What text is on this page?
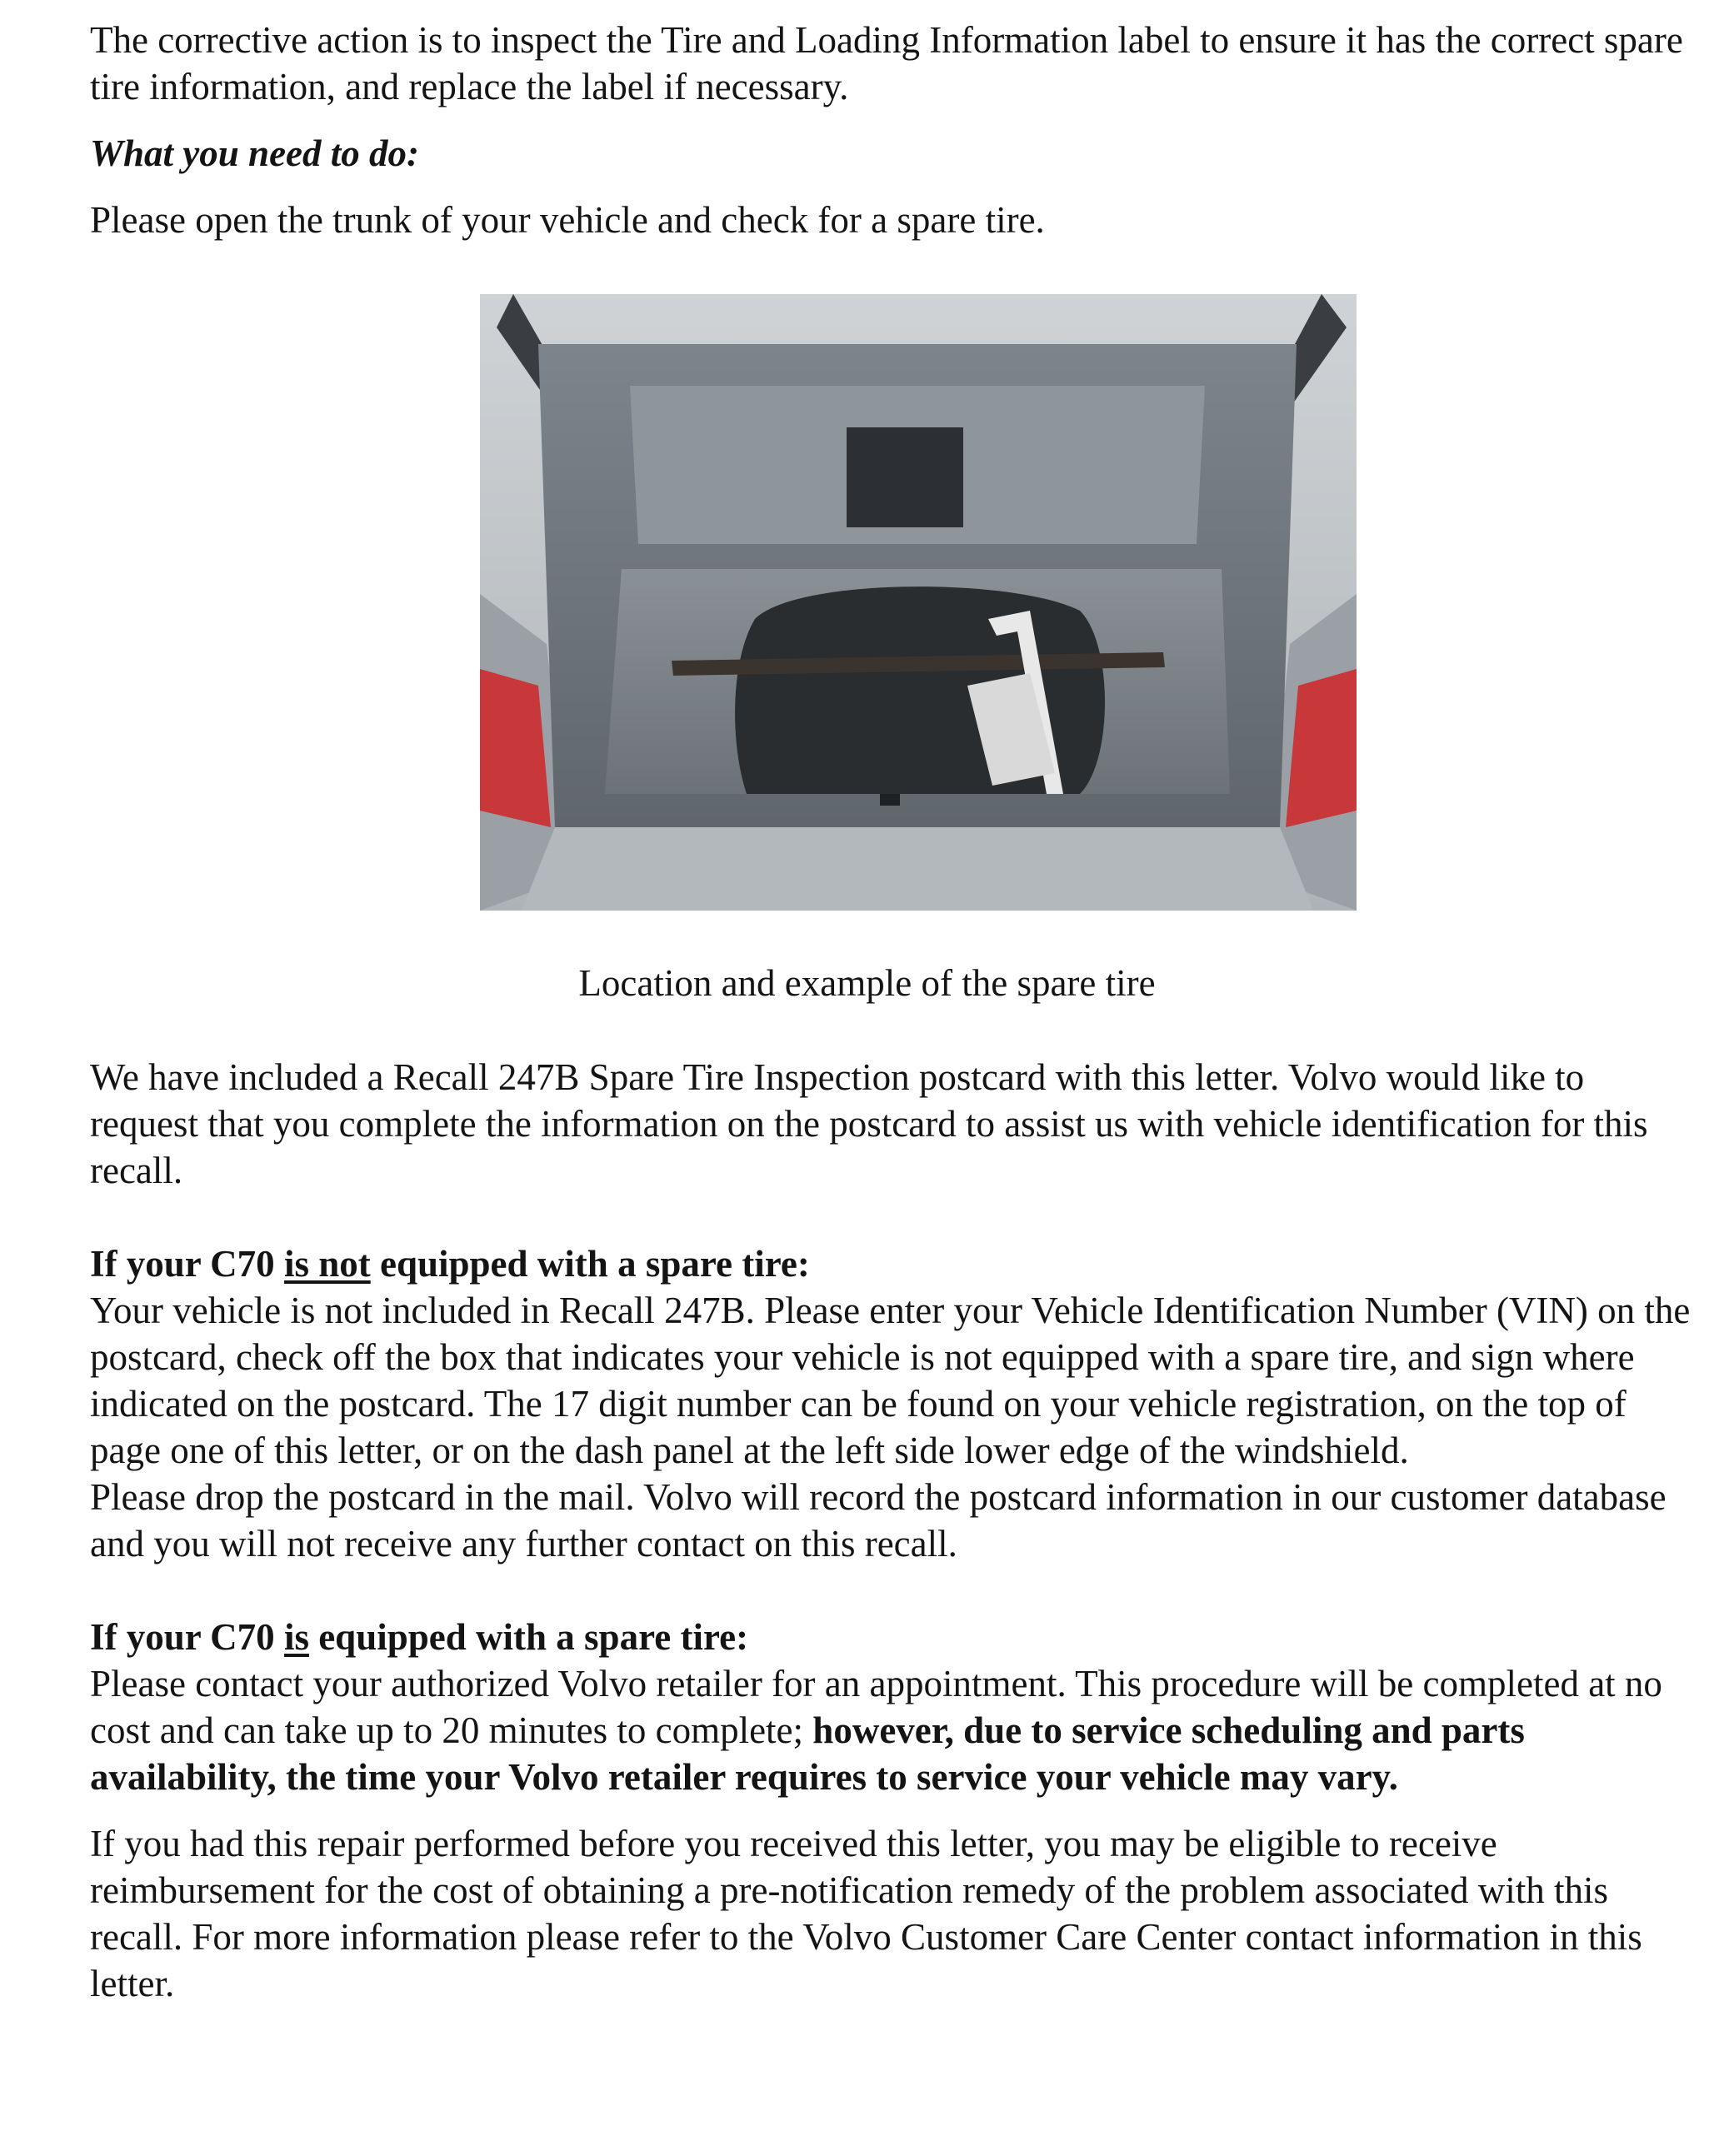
The corrective action is to inspect the Tire and Loading Information label to ensure it has the correct spare tire information, and replace the label if necessary.

What you need to do:

Please open the trunk of your vehicle and check for a spare tire.

Location and example of the spare tire

We have included a Recall 247B Spare Tire Inspection postcard with this letter. Volvo would like to request that you complete the information on the postcard to assist us with vehicle identification for this recall.

If your C70 is not equipped with a spare tire:

Your vehicle is not included in Recall 247B. Please enter your Vehicle Identification Number (VIN) on the postcard, check off the box that indicates your vehicle is not equipped with a spare tire, and sign where indicated on the postcard. The 17 digit number can be found on your vehicle registration, on the top of page one of this letter, or on the dash panel at the left side lower edge of the windshield.

Please drop the postcard in the mail. Volvo will record the postcard information in our customer database and you will not receive any further contact on this recall.

If your C70 is equipped with a spare tire:

Please contact your authorized Volvo retailer for an appointment. This procedure will be completed at no cost and can take up to 20 minutes to complete; however, due to service scheduling and parts availability, the time your Volvo retailer requires to service your vehicle may vary.

If you had this repair performed before you received this letter, you may be eligible to receive reimbursement for the cost of obtaining a pre-notification remedy of the problem associated with this recall. For more information please refer to the Volvo Customer Care Center contact information in this letter.
